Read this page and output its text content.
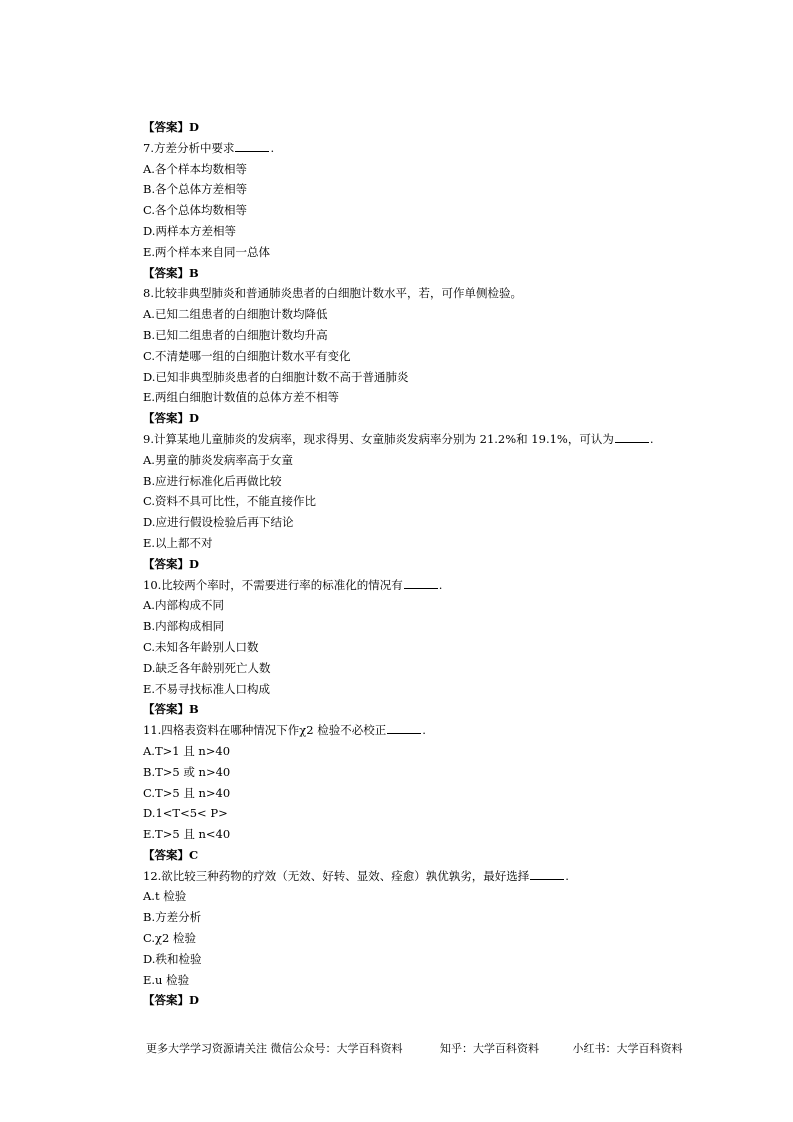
【答案】D
7.方差分析中要求	.
A.各个样本均数相等
B.各个总体方差相等
C.各个总体均数相等
D.两样本方差相等
E.两个样本来自同一总体
【答案】B
8.比较非典型肺炎和普通肺炎患者的白细胞计数水平，若，可作单侧检验。
A.已知二组患者的白细胞计数均降低
B.已知二组患者的白细胞计数均升高
C.不清楚哪一组的白细胞计数水平有变化
D.已知非典型肺炎患者的白细胞计数不高于普通肺炎
E.两组白细胞计数值的总体方差不相等
【答案】D
9.计算某地儿童肺炎的发病率，现求得男、女童肺炎发病率分别为 21.2%和 19.1%，可认为	.
A.男童的肺炎发病率高于女童
B.应进行标准化后再做比较
C.资料不具可比性，不能直接作比
D.应进行假设检验后再下结论
E.以上都不对
【答案】D
10.比较两个率时，不需要进行率的标准化的情况有	.
A.内部构成不同
B.内部构成相同
C.未知各年龄别人口数
D.缺乏各年龄别死亡人数
E.不易寻找标准人口构成
【答案】B
11.四格表资料在哪种情况下作χ2 检验不必校正	.
A.T>1 且 n>40
B.T>5 或 n>40
C.T>5 且 n>40
D.1<T<5< P>
E.T>5 且 n<40
【答案】C
12.欲比较三种药物的疗效（无效、好转、显效、痊愈）孰优孰劣，最好选择	.
A.t 检验
B.方差分析
C.χ2 检验
D.秩和检验
E.u 检验
【答案】D
更多大学学习资源请关注 微信公众号：大学百科资料	知乎：大学百科资料	小红书：大学百科资料
